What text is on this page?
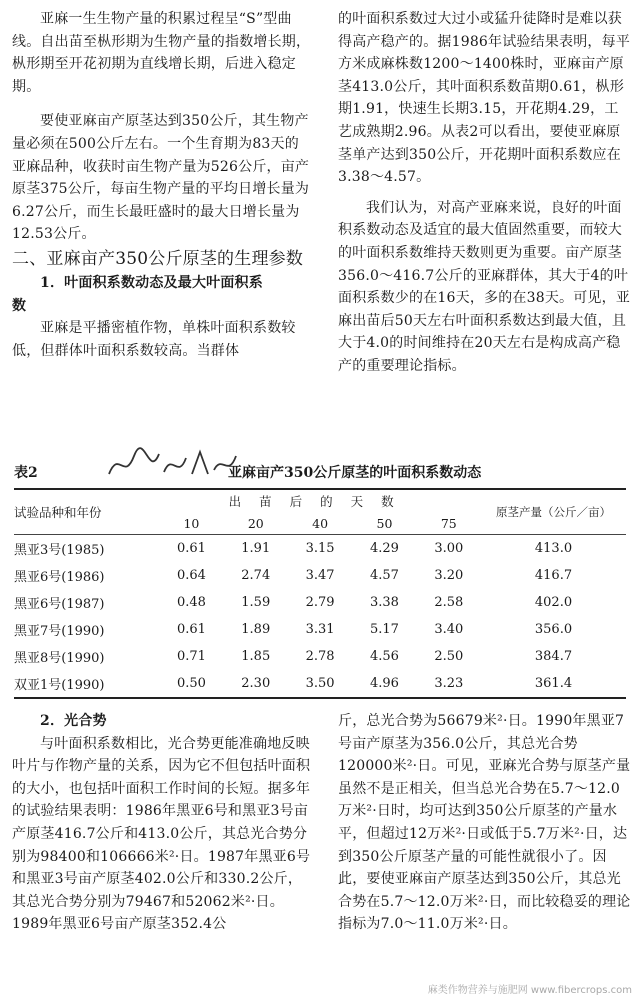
亚麻一生生物产量的积累过程呈“S”型曲线。自出苗至枞形期为生物产量的指数增长期，枞形期至开花初期为直线增长期，后进入稳定期。

要使亚麻亩产原茎达到350公斤，其生物产量必须在500公斤左右。一个生育期为83天的亚麻品种，收获时亩生物产量为526公斤，亩产原茎375公斤，每亩生物产量的平均日增长量为6.27公斤，而生长最旺盛时的最大日增长量为12.53公斤。

二、亚麻亩产350公斤原茎的生理参数

1．叶面积系数动态及最大叶面积系

数

亚麻是平播密植作物，单株叶面积系数较低，但群体叶面积系数较高。当群体

的叶面积系数过大过小或猛升徒降时是难以获得高产稳产的。据1986年试验结果表明，每平方米成麻株数1200～1400株时，亚麻亩产原茎413.0公斤，其叶面积系数苗期0.61，枞形期1.91，快速生长期3.15，开花期4.29，工艺成熟期2.96。从表2可以看出，要使亚麻原茎单产达到350公斤，开花期叶面积系数应在3.38～4.57。

我们认为，对高产亚麻来说，良好的叶面积系数动态及适宜的最大值固然重要，而较大的叶面积系数维持天数则更为重要。亩产原茎356.0～416.7公斤的亚麻群体，其大于4的叶面积系数少的在16天，多的在38天。可见，亚麻出苗后50天左右叶面积系数达到最大值，且大于4.0的时间维持在20天左右是构成高产稳产的重要理论指标。

表2	亚麻亩产350公斤原茎的叶面积系数动态
试验品种和年份	出苗后的天数					原茎产量（公斤／亩）
	10	20	40	50	75	

黑亚3号(1985)	0.61	1.91	3.15	4.29	3.00	413.0
黑亚6号(1986)	0.64	2.74	3.47	4.57	3.20	416.7
黑亚6号(1987)	0.48	1.59	2.79	3.38	2.58	402.0
黑亚7号(1990)	0.61	1.89	3.31	5.17	3.40	356.0
黑亚8号(1990)	0.71	1.85	2.78	4.56	2.50	384.7
双亚1号(1990)	0.50	2.30	3.50	4.96	3.23	361.4

2．光合势

与叶面积系数相比，光合势更能准确地反映叶片与作物产量的关系，因为它不但包括叶面积的大小，也包括叶面积工作时间的长短。据多年的试验结果表明：1986年黑亚6号和黑亚3号亩产原茎416.7公斤和413.0公斤，其总光合势分别为98400和106666米²·日。1987年黑亚6号和黑亚3号亩产原茎402.0公斤和330.2公斤，其总光合势分别为79467和52062米²·日。1989年黑亚6号亩产原茎352.4公

斤，总光合势为56679米²·日。1990年黑亚7号亩产原茎为356.0公斤，其总光合势120000米²·日。可见，亚麻光合势与原茎产量虽然不是正相关，但当总光合势在5.7～12.0万米²·日时，均可达到350公斤原茎的产量水平，但超过12万米²·日或低于5.7万米²·日，达到350公斤原茎产量的可能性就很小了。因此，要使亚麻亩产原茎达到350公斤，其总光合势在5.7～12.0万米²·日，而比较稳妥的理论指标为7.0～11.0万米²·日。

麻类作物营养与施肥网 www.fibercrops.com
